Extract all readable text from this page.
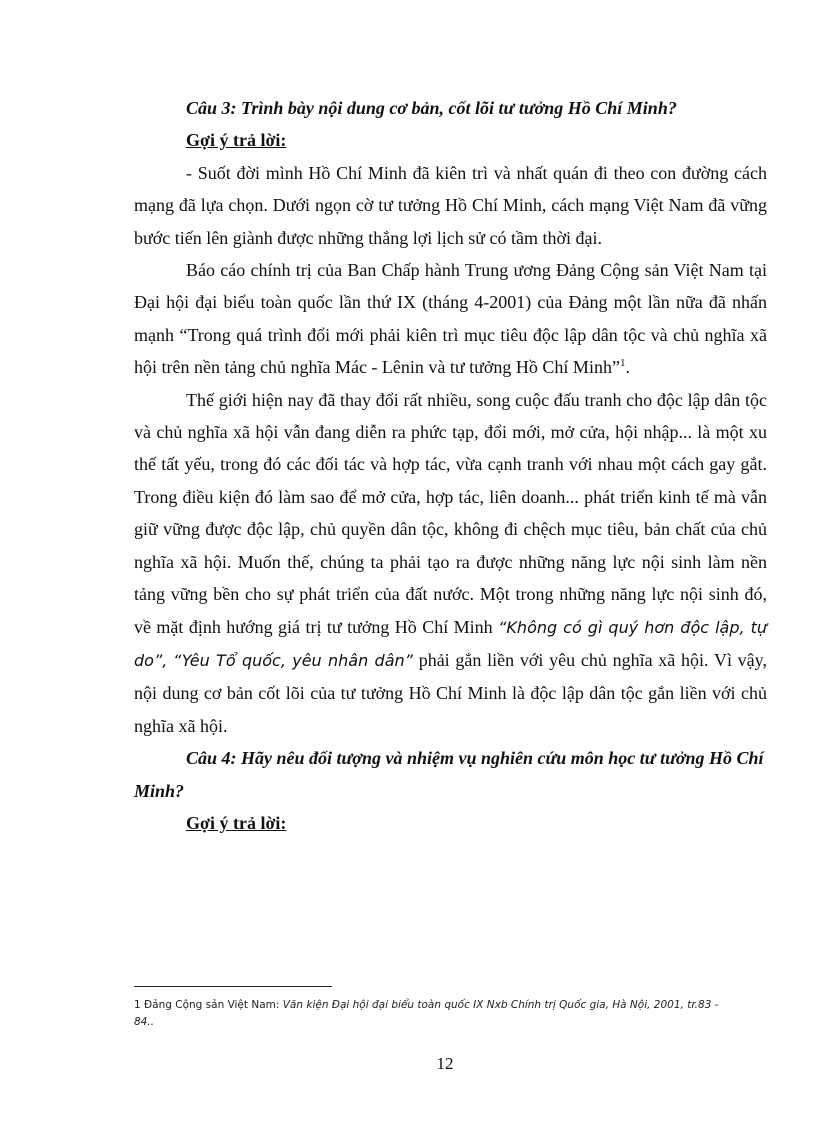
Câu 3: Trình bày nội dung cơ bản, cốt lõi tư tưởng Hồ Chí Minh?

Gợi ý trả lời:

- Suốt đời mình Hồ Chí Minh đã kiên trì và nhất quán đi theo con đường cách mạng đã lựa chọn. Dưới ngọn cờ tư tưởng Hồ Chí Minh, cách mạng Việt Nam đã vững bước tiến lên giành được những thắng lợi lịch sử có tầm thời đại.

Báo cáo chính trị của Ban Chấp hành Trung ương Đảng Cộng sản Việt Nam tại Đại hội đại biểu toàn quốc lần thứ IX (tháng 4-2001) của Đảng một lần nữa đã nhấn mạnh “Trong quá trình đổi mới phải kiên trì mục tiêu độc lập dân tộc và chủ nghĩa xã hội trên nền tảng chủ nghĩa Mác - Lênin và tư tưởng Hồ Chí Minh”$^1$.

Thế giới hiện nay đã thay đổi rất nhiều, song cuộc đấu tranh cho độc lập dân tộc và chủ nghĩa xã hội vẫn đang diễn ra phức tạp, đổi mới, mở cửa, hội nhập... là một xu thế tất yếu, trong đó các đối tác và hợp tác, vừa cạnh tranh với nhau một cách gay gắt. Trong điều kiện đó làm sao để mở cửa, hợp tác, liên doanh... phát triển kinh tế mà vẫn giữ vững được độc lập, chủ quyền dân tộc, không đi chệch mục tiêu, bản chất của chủ nghĩa xã hội. Muốn thế, chúng ta phải tạo ra được những năng lực nội sinh làm nền tảng vững bền cho sự phát triển của đất nước. Một trong những năng lực nội sinh đó, về mặt định hướng giá trị tư tưởng Hồ Chí Minh “Không có gì quý hơn độc lập, tự do”, “Yêu Tổ quốc, yêu nhân dân” phải gắn liền với yêu chủ nghĩa xã hội. Vì vậy, nội dung cơ bản cốt lõi của tư tưởng Hồ Chí Minh là độc lập dân tộc gắn liền với chủ nghĩa xã hội.

Câu 4: Hãy nêu đối tượng và nhiệm vụ nghiên cứu môn học tư tưởng Hồ Chí Minh?

Gợi ý trả lời:

1 Đảng Cộng sản Việt Nam: Văn kiện Đại hội đại biểu toàn quốc IX Nxb Chính trị Quốc gia, Hà Nội, 2001, tr.83 - 84..
12
